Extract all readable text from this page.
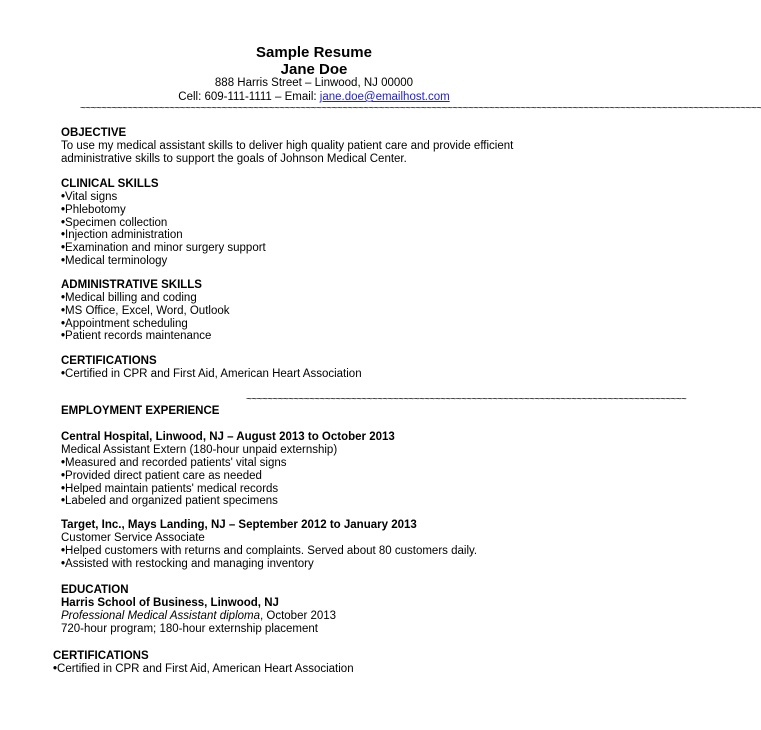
Sample Resume
Jane Doe
888 Harris Street – Linwood, NJ 00000
Cell: 609-111-1111 – Email: jane.doe@emailhost.com
~~~~~~~~~~~~~~~~~~~~~~~~~~~~~~~~~~~~~~~~~~~~~~~~~~~~~~~~~~~~~~~~~~~~~~~~~~~~~~~~~~~~~~~~~~~~~~~~~~~~~~~~~~~~~~~~~~~~~~~~~~~~~~~~~~
OBJECTIVE
To use my medical assistant skills to deliver high quality patient care and provide efficient
administrative skills to support the goals of Johnson Medical Center.
CLINICAL SKILLS
• Vital signs
• Phlebotomy
• Specimen collection
• Injection administration
• Examination and minor surgery support
• Medical terminology
ADMINISTRATIVE SKILLS
• Medical billing and coding
• MS Office, Excel, Word, Outlook
• Appointment scheduling
• Patient records maintenance
CERTIFICATIONS
• Certified in CPR and First Aid, American Heart Association
~~~~~~~~~~~~~~~~~~~~~~~~~~~~~~~~~~~~~~~~~~~~~~~~~~~~~~~~~~~~~~~~~~~~~~~~~~~~~~~~~~~~
EMPLOYMENT EXPERIENCE
Central Hospital, Linwood, NJ – August 2013 to October 2013
Medical Assistant Extern (180-hour unpaid externship)
• Measured and recorded patients' vital signs
• Provided direct patient care as needed
• Helped maintain patients' medical records
• Labeled and organized patient specimens
Target, Inc., Mays Landing, NJ – September 2012 to January 2013
Customer Service Associate
• Helped customers with returns and complaints. Served about 80 customers daily.
• Assisted with restocking and managing inventory
EDUCATION
Harris School of Business, Linwood, NJ
Professional Medical Assistant diploma, October 2013
720-hour program; 180-hour externship placement
CERTIFICATIONS
• Certified in CPR and First Aid, American Heart Association
